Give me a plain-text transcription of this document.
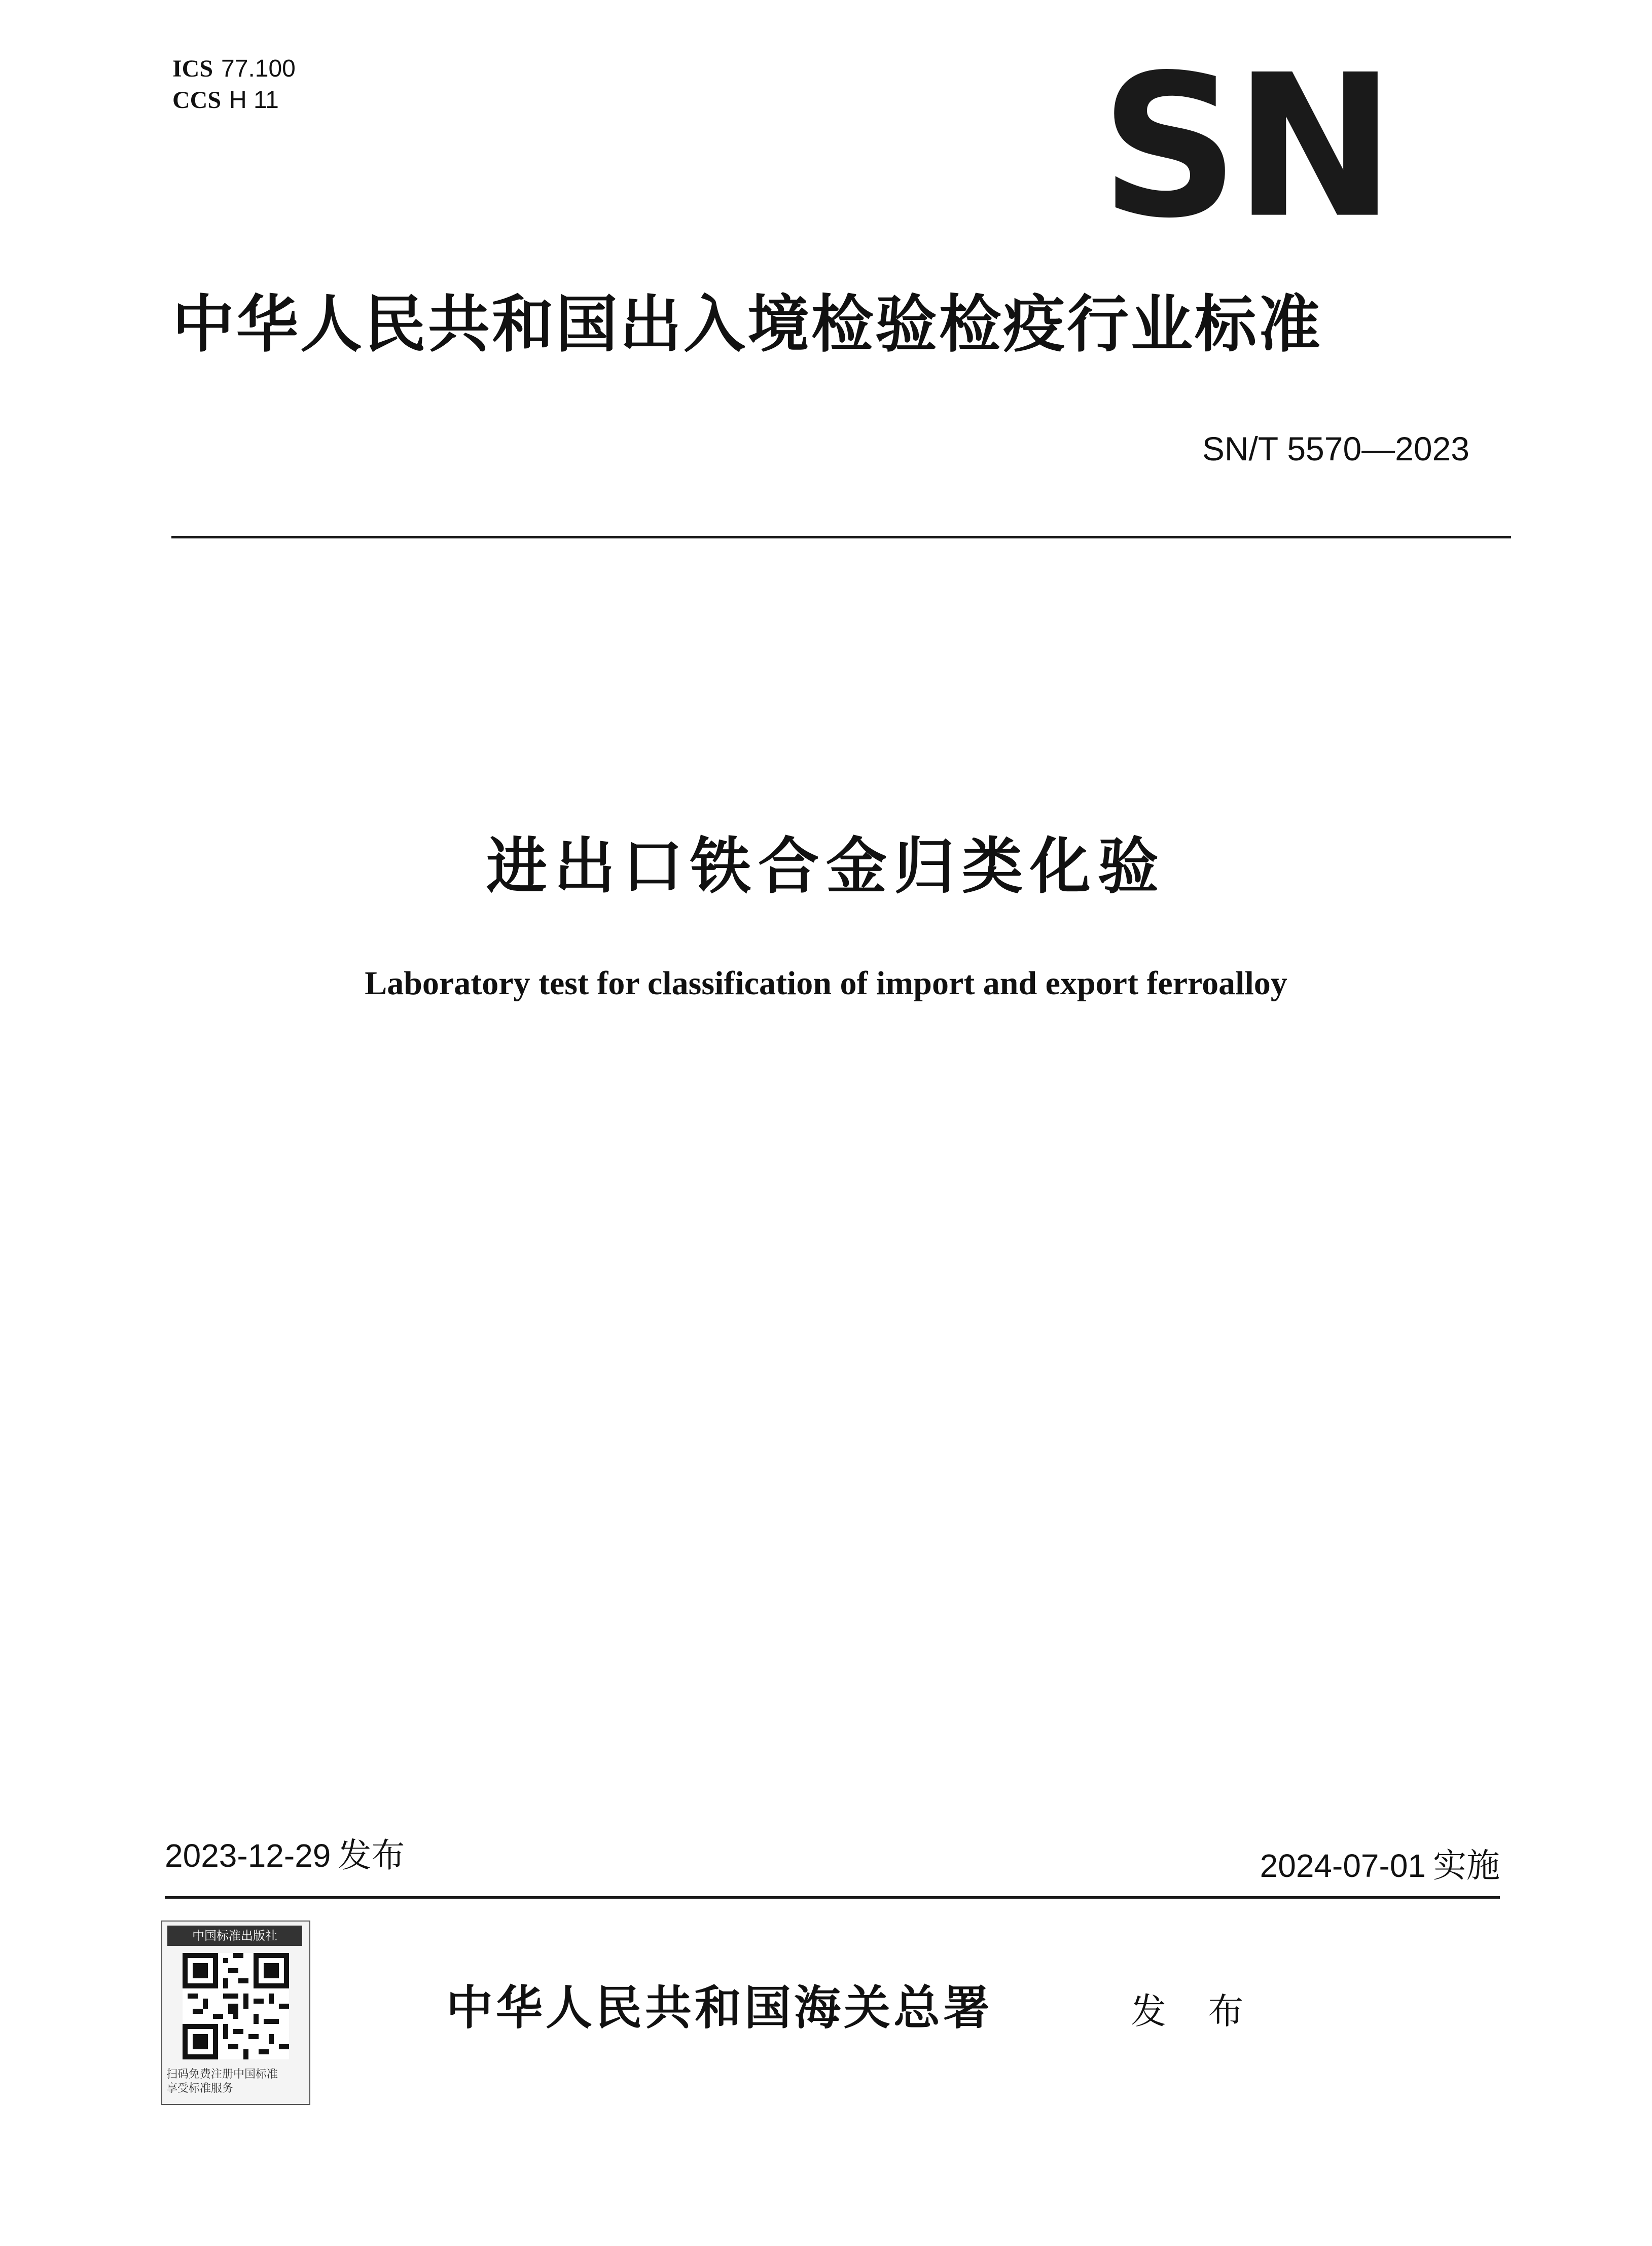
ICS 77.100
CCS H 11	SN
中华人民共和国出入境检验检疫行业标准
SN/T 5570—2023
进出口铁合金归类化验
Laboratory test for classification of import and export ferroalloy
2023-12-29 发布	2024-07-01 实施
中国标准出版社
扫码免费注册中国标准
享受标准服务
中华人民共和国海关总署	发 布
